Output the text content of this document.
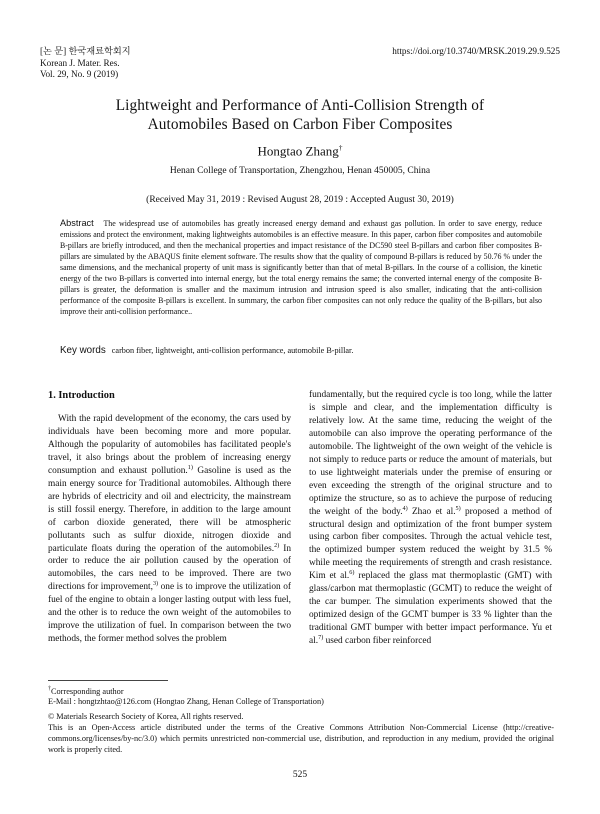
[논 문] 한국재료학회지
Korean J. Mater. Res.
Vol. 29, No. 9 (2019)
https://doi.org/10.3740/MRSK.2019.29.9.525
Lightweight and Performance of Anti-Collision Strength of
Automobiles Based on Carbon Fiber Composites
Hongtao Zhang†
Henan College of Transportation, Zhengzhou, Henan 450005, China
(Received May 31, 2019 : Revised August 28, 2019 : Accepted August 30, 2019)
Abstract The widespread use of automobiles has greatly increased energy demand and exhaust gas pollution. In order to save energy, reduce emissions and protect the environment, making lightweights automobiles is an effective measure. In this paper, carbon fiber composites and automobile B-pillars are briefly introduced, and then the mechanical properties and impact resistance of the DC590 steel B-pillars and carbon fiber composites B-pillars are simulated by the ABAQUS finite element software. The results show that the quality of compound B-pillars is reduced by 50.76 % under the same dimensions, and the mechanical property of unit mass is significantly better than that of metal B-pillars. In the course of a collision, the kinetic energy of the two B-pillars is converted into internal energy, but the total energy remains the same; the converted internal energy of the composite B-pillars is greater, the deformation is smaller and the maximum intrusion and intrusion speed is also smaller, indicating that the anti-collision performance of the composite B-pillars is excellent. In summary, the carbon fiber composites can not only reduce the quality of the B-pillars, but also improve their anti-collision performance..
Key words carbon fiber, lightweight, anti-collision performance, automobile B-pillar.
1. Introduction

With the rapid development of the economy, the cars used by individuals have been becoming more and more popular. Although the popularity of automobiles has facilitated people's travel, it also brings about the problem of increasing energy consumption and exhaust pollution.$^{1)}$ Gasoline is used as the main energy source for Traditional automobiles. Although there are hybrids of electricity and oil and electricity, the mainstream is still fossil energy. Therefore, in addition to the large amount of carbon dioxide generated, there will be atmospheric pollutants such as sulfur dioxide, nitrogen dioxide and particulate floats during the operation of the automobiles.$^{2)}$ In order to reduce the air pollution caused by the operation of automobiles, the cars need to be improved. There are two directions for improvement,$^{3)}$ one is to improve the utilization of fuel of the engine to obtain a longer lasting output with less fuel, and the other is to reduce the own weight of the automobiles to improve the utilization of fuel. In comparison between the two methods, the former method solves the problem

fundamentally, but the required cycle is too long, while the latter is simple and clear, and the implementation difficulty is relatively low. At the same time, reducing the weight of the automobile can also improve the operating performance of the automobile. The lightweight of the own weight of the vehicle is not simply to reduce parts or reduce the amount of materials, but to use lightweight materials under the premise of ensuring or even exceeding the strength of the original structure and to optimize the structure, so as to achieve the purpose of reducing the weight of the body.$^{4)}$ Zhao et al.$^{5)}$ proposed a method of structural design and optimization of the front bumper system using carbon fiber composites. Through the actual vehicle test, the optimized bumper system reduced the weight by 31.5 % while meeting the requirements of strength and crash resistance. Kim et al.$^{6)}$ replaced the glass mat thermoplastic (GMT) with glass/carbon mat thermoplastic (GCMT) to reduce the weight of the car bumper. The simulation experiments showed that the optimized design of the GCMT bumper is 33 % lighter than the traditional GMT bumper with better impact performance. Yu et al.$^{7)}$ used carbon fiber reinforced

†Corresponding author
E-Mail : hongtzhtao@126.com (Hongtao Zhang, Henan College of Transportation)

© Materials Research Society of Korea, All rights reserved.

This is an Open-Access article distributed under the terms of the Creative Commons Attribution Non-Commercial License (http://creative-commons.org/licenses/by-nc/3.0) which permits unrestricted non-commercial use, distribution, and reproduction in any medium, provided the original work is properly cited.

525
